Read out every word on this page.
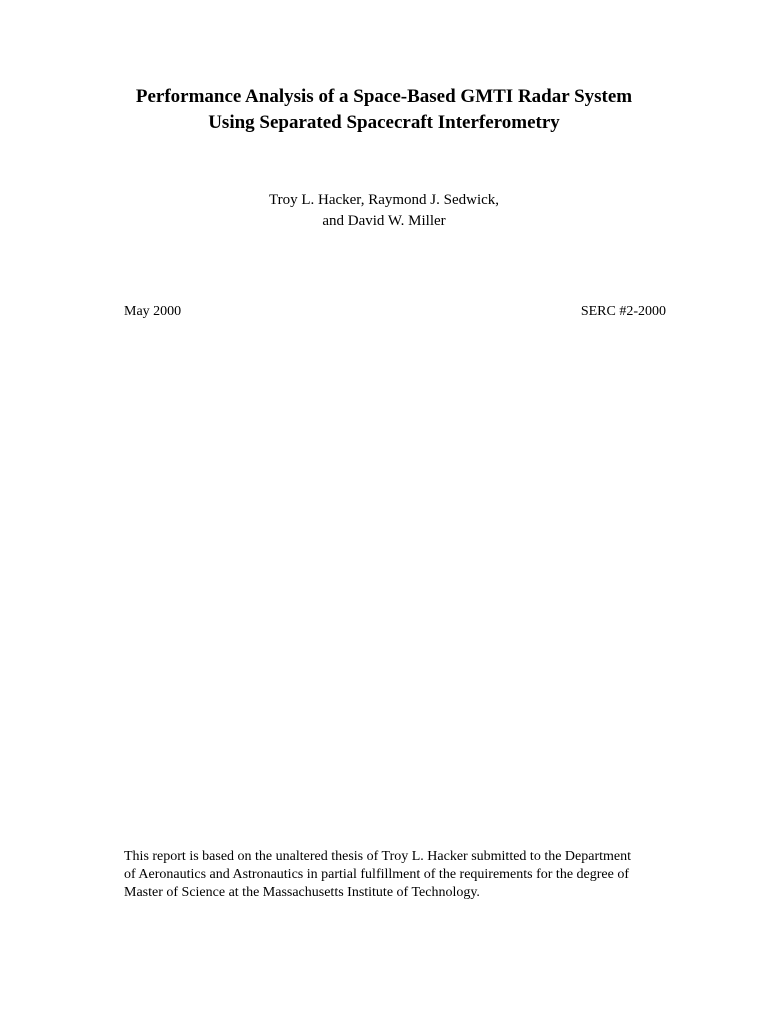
Performance Analysis of a Space-Based GMTI Radar System
Using Separated Spacecraft Interferometry

Troy L. Hacker, Raymond J. Sedwick,

and David W. Miller

May 2000	SERC #2-2000
This report is based on the unaltered thesis of Troy L. Hacker submitted to the Department
of Aeronautics and Astronautics in partial fulfillment of the requirements for the degree of
Master of Science at the Massachusetts Institute of Technology.
